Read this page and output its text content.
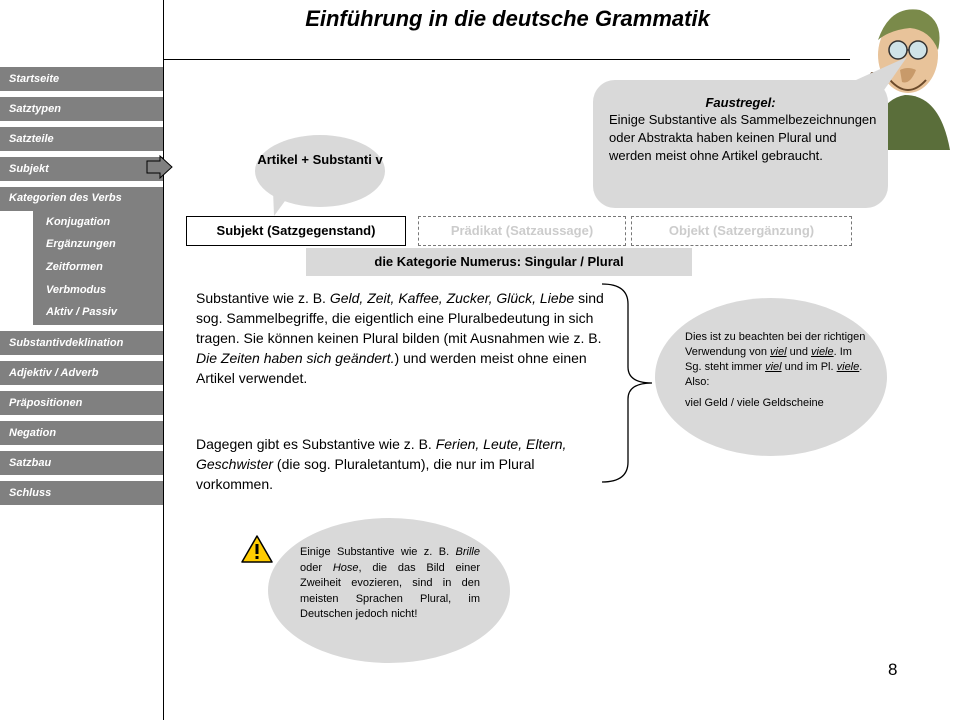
Einführung in die deutsche Grammatik
Startseite
Satztypen
Satzteile
Subjekt
Kategorien des Verbs
Konjugation
Ergänzungen
Zeitformen
Verbmodus
Aktiv / Passiv
Substantivdeklination
Adjektiv / Adverb
Präpositionen
Negation
Satzbau
Schluss
Artikel + Substanti v
Faustregel:
Einige Substantive als Sammelbezeichnungen oder Abstrakta haben keinen Plural und werden meist ohne Artikel gebraucht.
Subjekt (Satzgegenstand)	Prädikat (Satzaussage)	Objekt (Satzergänzung)
die Kategorie Numerus: Singular / Plural
Substantive wie z. B. Geld, Zeit, Kaffee, Zucker, Glück, Liebe sind sog. Sammelbegriffe, die eigentlich eine Pluralbedeutung in sich tragen. Sie können keinen Plural bilden (mit Ausnahmen wie z. B. Die Zeiten haben sich geändert.) und werden meist ohne einen Artikel verwendet.
Dagegen gibt es Substantive wie z. B. Ferien, Leute, Eltern, Geschwister (die sog. Pluraletantum), die nur im Plural vorkommen.
Dies ist zu beachten bei der richtigen Verwendung von viel und viele. Im Sg. steht immer viel und im Pl. viele. Also:
viel Geld / viele Geldscheine
Einige Substantive wie z. B. Brille oder Hose, die das Bild einer Zweiheit evozieren, sind in den meisten Sprachen Plural, im Deutschen jedoch nicht!
8
